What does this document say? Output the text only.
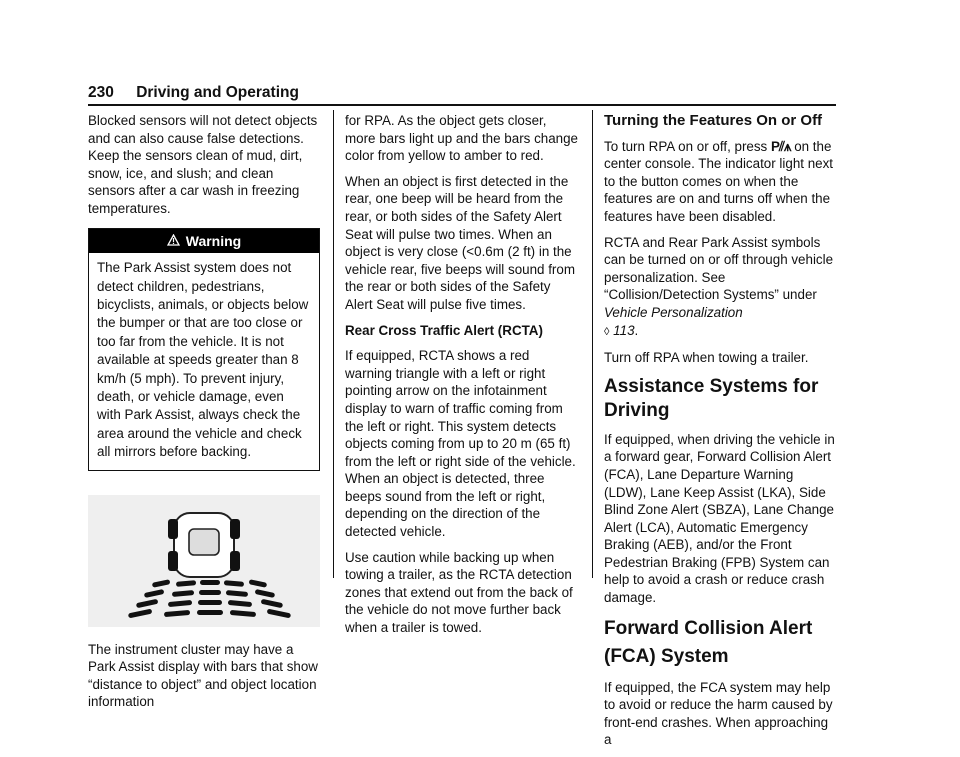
230 Driving and Operating

Blocked sensors will not detect objects and can also cause false detections. Keep the sensors clean of mud, dirt, snow, ice, and slush; and clean sensors after a car wash in freezing temperatures.

Warning
The Park Assist system does not detect children, pedestrians, bicyclists, animals, or objects below the bumper or that are too close or too far from the vehicle. It is not available at speeds greater than 8 km/h (5 mph). To prevent injury, death, or vehicle damage, even with Park Assist, always check the area around the vehicle and check all mirrors before backing.

The instrument cluster may have a Park Assist display with bars that show “distance to object” and object location information

for RPA. As the object gets closer, more bars light up and the bars change color from yellow to amber to red.

When an object is first detected in the rear, one beep will be heard from the rear, or both sides of the Safety Alert Seat will pulse two times. When an object is very close (<0.6m (2 ft) in the vehicle rear, five beeps will sound from the rear or both sides of the Safety Alert Seat will pulse five times.

Rear Cross Traffic Alert (RCTA)

If equipped, RCTA shows a red warning triangle with a left or right pointing arrow on the infotainment display to warn of traffic coming from the left or right. This system detects objects coming from up to 20 m (65 ft) from the left or right side of the vehicle. When an object is detected, three beeps sound from the left or right, depending on the direction of the detected vehicle.

Use caution while backing up when towing a trailer, as the RCTA detection zones that extend out from the back of the vehicle do not move further back when a trailer is towed.

Turning the Features On or Off

To turn RPA on or off, press P⫽⩚ on the center console. The indicator light next to the button comes on when the features are on and turns off when the features have been disabled.

RCTA and Rear Park Assist symbols can be turned on or off through vehicle personalization. See “Collision/Detection Systems” under Vehicle Personalization
◊ 113.

Turn off RPA when towing a trailer.

Assistance Systems for Driving

If equipped, when driving the vehicle in a forward gear, Forward Collision Alert (FCA), Lane Departure Warning (LDW), Lane Keep Assist (LKA), Side Blind Zone Alert (SBZA), Lane Change Alert (LCA), Automatic Emergency Braking (AEB), and/or the Front Pedestrian Braking (FPB) System can help to avoid a crash or reduce crash damage.

Forward Collision Alert (FCA) System

If equipped, the FCA system may help to avoid or reduce the harm caused by front-end crashes. When approaching a
